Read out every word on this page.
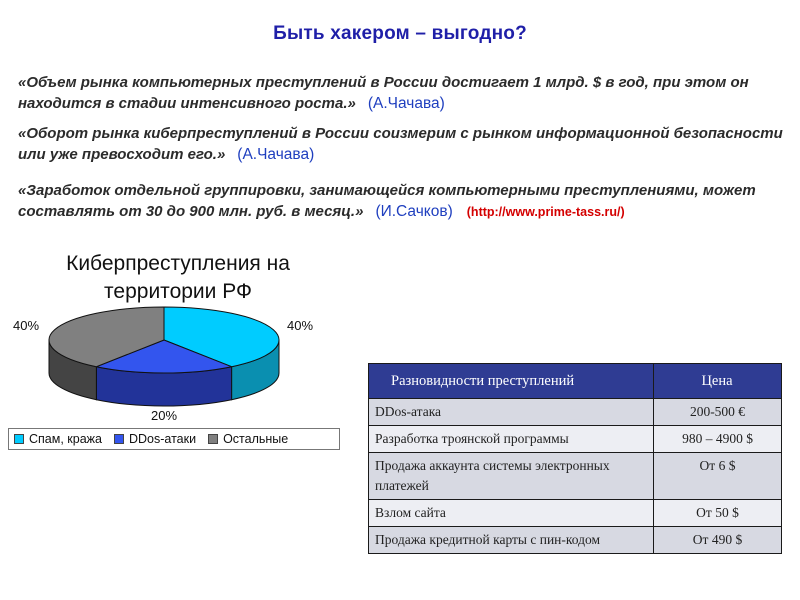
Быть хакером – выгодно?
«Объем рынка компьютерных преступлений в России достигает 1 млрд. $ в год, при этом он находится в стадии интенсивного роста.» (А.Чачава)
«Оборот рынка киберпреступлений в России соизмерим с рынком информационной безопасности или уже превосходит его.» (А.Чачава)
«Заработок отдельной группировки, занимающейся компьютерными преступлениями, может составлять от 30 до 900 млн. руб. в месяц.» (И.Сачков) (http://www.prime-tass.ru/)
Киберпреступления на территории РФ
40%
20%
40%
Спам, кража DDos-атаки Остальные
Разновидности преступлений	Цена
DDos-атака	200-500 €
Разработка троянской программы	980 – 4900 $
Продажа аккаунта системы электронных платежей	От 6 $
Взлом сайта	От 50 $
Продажа кредитной карты с пин-кодом	От 490 $
